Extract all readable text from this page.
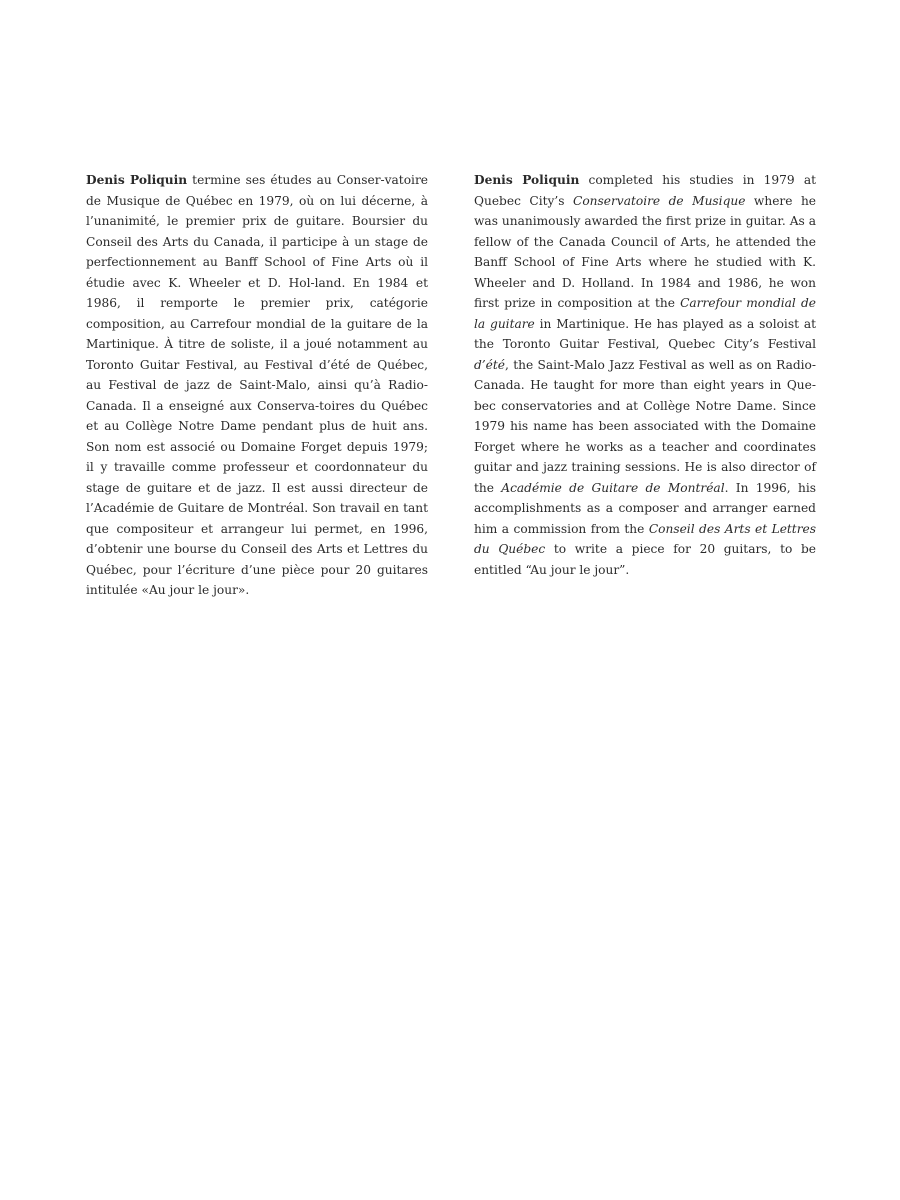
Denis Poliquin termine ses études au Conser-vatoire de Musique de Québec en 1979, où on lui décerne, à l’unanimité, le premier prix de guitare. Boursier du Conseil des Arts du Canada, il participe à un stage de perfectionnement au Banff School of Fine Arts où il étudie avec K. Wheeler et D. Hol-land. En 1984 et 1986, il remporte le premier prix, catégorie composition, au Carrefour mondial de la guitare de la Martinique. À titre de soliste, il a joué notamment au Toronto Guitar Festival, au Festival d’été de Québec, au Festival de jazz de Saint-Malo, ainsi qu’à Radio-Canada. Il a enseigné aux Conserva-toires du Québec et au Collège Notre Dame pendant plus de huit ans. Son nom est associé ou Domaine Forget depuis 1979; il y travaille comme professeur et coordonnateur du stage de guitare et de jazz. Il est aussi directeur de l’Académie de Guitare de Montréal. Son travail en tant que compositeur et arrangeur lui permet, en 1996, d’obtenir une bourse du Conseil des Arts et Lettres du Québec, pour l’écriture d’une pièce pour 20 guitares intitulée «Au jour le jour».

Denis Poliquin completed his studies in 1979 at Quebec City’s Conservatoire de Musique where he was unanimously awarded the first prize in guitar. As a fellow of the Canada Council of Arts, he attended the Banff School of Fine Arts where he studied with K. Wheeler and D. Holland. In 1984 and 1986, he won first prize in composition at the Carrefour mondial de la guitare in Martinique. He has played as a soloist at the Toronto Guitar Festival, Quebec City’s Festival d’été, the Saint-Malo Jazz Festival as well as on Radio-Canada. He taught for more than eight years in Que-bec conservatories and at Collège Notre Dame. Since 1979 his name has been associated with the Domaine Forget where he works as a teacher and coordinates guitar and jazz training sessions. He is also director of the Académie de Guitare de Montréal. In 1996, his accomplishments as a composer and arranger earned him a commission from the Conseil des Arts et Lettres du Québec to write a piece for 20 guitars, to be entitled “Au jour le jour”.
